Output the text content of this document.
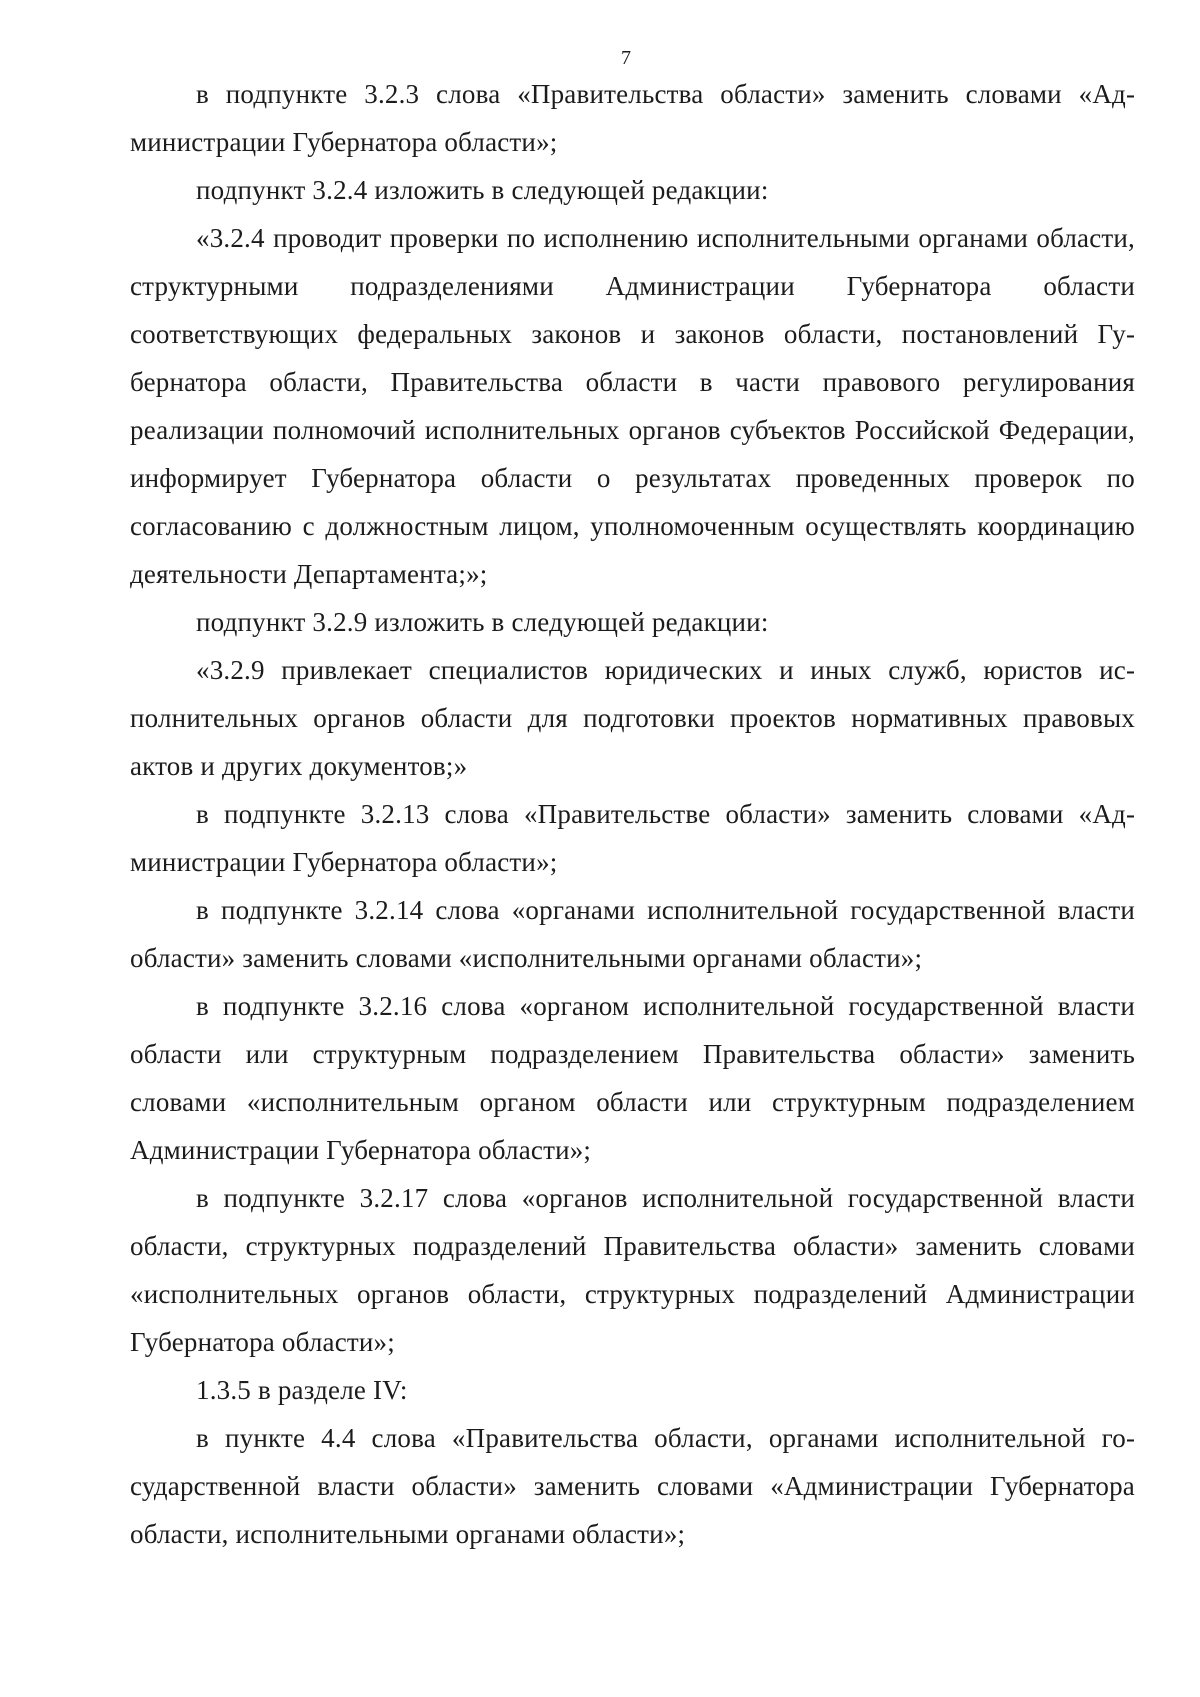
7

в подпункте 3.2.3 слова «Правительства области» заменить словами «Администрации Губернатора области»;

подпункт 3.2.4 изложить в следующей редакции:

«3.2.4 проводит проверки по исполнению исполнительными органами области, структурными подразделениями Администрации Губернатора области соответствующих федеральных законов и законов области, постановлений Губернатора области, Правительства области в части правового регулирования реализации полномочий исполнительных органов субъектов Российской Федерации, информирует Губернатора области о результатах проведенных проверок по согласованию с должностным лицом, уполномоченным осуществлять координацию деятельности Департамента;»;

подпункт 3.2.9 изложить в следующей редакции:

«3.2.9 привлекает специалистов юридических и иных служб, юристов исполнительных органов области для подготовки проектов нормативных правовых актов и других документов;»

в подпункте 3.2.13 слова «Правительстве области» заменить словами «Администрации Губернатора области»;

в подпункте 3.2.14 слова «органами исполнительной государственной власти области» заменить словами «исполнительными органами области»;

в подпункте 3.2.16 слова «органом исполнительной государственной власти области или структурным подразделением Правительства области» заменить словами «исполнительным органом области или структурным подразделением Администрации Губернатора области»;

в подпункте 3.2.17 слова «органов исполнительной государственной власти области, структурных подразделений Правительства области» заменить словами «исполнительных органов области, структурных подразделений Администрации Губернатора области»;

1.3.5 в разделе IV:

в пункте 4.4 слова «Правительства области, органами исполнительной государственной власти области» заменить словами «Администрации Губернатора области, исполнительными органами области»;
